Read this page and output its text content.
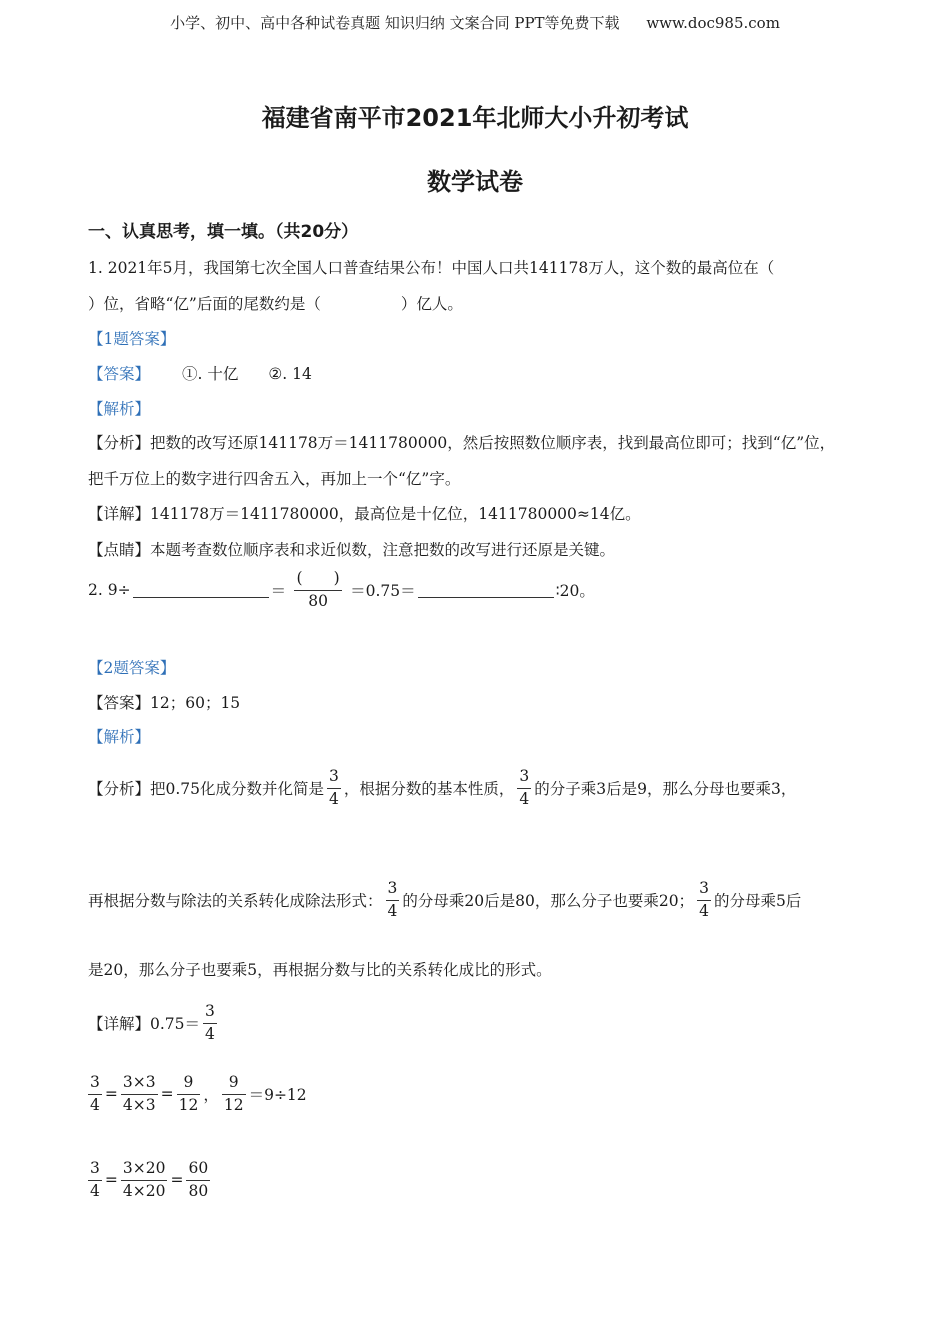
小学、初中、高中各种试卷真题 知识归纳 文案合同 PPT等免费下载 www.doc985.com
福建省南平市2021年北师大小升初考试
数学试卷
一、认真思考，填一填。（共20分）
1. 2021年5月，我国第七次全国人口普查结果公布！中国人口共141178万人，这个数的最高位在（
）位，省略“亿”后面的尾数约是（	）亿人。
【1题答案】
【答案】 ①. 十亿 ②. 14
【解析】
【分析】把数的改写还原141178万＝1411780000，然后按照数位顺序表，找到最高位即可；找到“亿”位，
把千万位上的数字进行四舍五入，再加上一个“亿”字。
【详解】141178万＝1411780000，最高位是十亿位，1411780000≈14亿。
【点睛】本题考查数位顺序表和求近似数，注意把数的改写进行还原是关键。
2. 9÷	＝ $\frac{( )}{80} =0.75=$	∶20。
【2题答案】
【答案】12；60；15
【解析】
【分析】把0.75化成分数并化简是 $\frac{3}{4}$ ，根据分数的基本性质， $\frac{3}{4}$ 的分子乘3后是9，那么分母也要乘3，
再根据分数与除法的关系转化成除法形式： $\frac{3}{4}$ 的分母乘20后是80，那么分子也要乘20； $\frac{3}{4}$ 的分母乘5后
是20，那么分子也要乘5，再根据分数与比的关系转化成比的形式。
【详解】$0.75= \frac{3}{4}$
$\frac{3}{4} = \frac{3\times 3}{4\times 3} = \frac{9}{12}$ ， $\frac{9}{12} =9\div 12$
$\frac{3}{4} = \frac{3\times 20}{4\times 20} = \frac{60}{80}$
